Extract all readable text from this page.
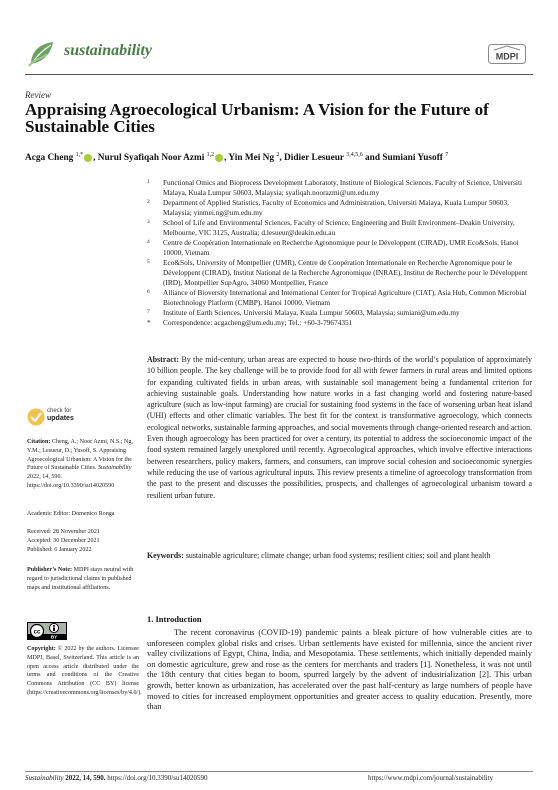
sustainability	MDPI
Review
Appraising Agroecological Urbanism: A Vision for the Future of Sustainable Cities
Acga Cheng $^{1,*}$ , Nurul Syafiqah Noor Azmi $^{1,2}$ , Yin Mei Ng $^2$, Didier Lesueur $^{3,4,5,6}$ and Sumiani Yusoff $^7$
1 Functional Omics and Bioprocess Development Laboratoty, Institute of Biological Sciences, Faculty of Science, Universiti Malaya, Kuala Lumpur 50603, Malaysia; syafiqah.noorazmi@um.edu.my
2 Department of Applied Statistics, Faculty of Economics and Administration, Universiti Malaya, Kuala Lumpur 50603, Malaysia; yinmei.ng@um.edu.my
3 School of Life and Environmental Sciences, Faculty of Science, Engineering and Built Environment–Deakin University, Melbourne, VIC 3125, Australia; d.lesueur@deakin.edu.au
4 Centre de Coopération Internationale en Recherche Agronomique pour le Développent (CIRAD), UMR Eco&Sols, Hanoi 10000, Vietnam
5 Eco&Sols, University of Montpellier (UMR), Centre de Coopération Internationale en Recherche Agronomique pour le Développent (CIRAD), Institut National de la Recherche Agronomique (INRAE), Institut de Recherche pour le Développent (IRD), Montpellier SupAgro, 34060 Montpellier, France
6 Alliance of Bioversity International and International Center for Tropical Agriculture (CIAT), Asia Hub, Common Microbial Biotechnology Platform (CMBP), Hanoi 10000, Vietnam
7 Institute of Earth Sciences, Universiti Malaya, Kuala Lumpur 50603, Malaysia; sumiani@um.edu.my
* Correspondence: acgacheng@um.edu.my; Tel.: +60-3-79674351
Abstract: By the mid-century, urban areas are expected to house two-thirds of the world’s population of approximately 10 billion people. The key challenge will be to provide food for all with fewer farmers in rural areas and limited options for expanding cultivated fields in urban areas, with sustainable soil management being a fundamental criterion for achieving sustainable goals. Understanding how nature works in a fast changing world and fostering nature-based agriculture (such as low-input farming) are crucial for sustaining food systems in the face of worsening urban heat island (UHI) effects and other climatic variables. The best fit for the context is transformative agroecology, which connects ecological networks, sustainable farming approaches, and social movements through change-oriented research and action. Even though agroecology has been practiced for over a century, its potential to address the socioeconomic impact of the food system remained largely unexplored until recently. Agroecological approaches, which involve effective interactions between researchers, policy makers, farmers, and consumers, can improve social cohesion and socioeconomic synergies while reducing the use of various agricultural inputs. This review presents a timeline of agroecology transformation from the past to the present and discusses the possibilities, prospects, and challenges of agroecological urbanism toward a resilient urban future.
Keywords: sustainable agriculture; climate change; urban food systems; resilient cities; soil and plant health
check for
updates

Citation: Cheng, A.; Noor Azmi, N.S.; Ng, Y.M.; Lesueur, D.; Yusoff, S. Appraising Agroecological Urbanism: A Vision for the Future of Sustainable Cities. Sustainability 2022, 14, 590. https://doi.org/10.3390/su14020590

Academic Editor: Domenico Ronga

Received: 28 November 2021

Accepted: 30 December 2021

Published: 6 January 2022

Publisher’s Note: MDPI stays neutral with regard to jurisdictional claims in published maps and institutional affiliations.

cc
BY

Copyright: © 2022 by the authors. Licensee MDPI, Basel, Switzerland. This article is an open access article distributed under the terms and conditions of the Creative Commons Attribution (CC BY) license (https://creativecommons.org/licenses/by/4.0/).

1. Introduction
The recent coronavirus (COVID-19) pandemic paints a bleak picture of how vulnerable cities are to unforeseen complex global risks and crises. Urban settlements have existed for millennia, since the ancient river valley civilizations of Egypt, China, India, and Mesopotamia. These settlements, which initially depended mainly on domestic agriculture, grew and rose as the centers for merchants and traders [1]. Nonetheless, it was not until the 18th century that cities began to boom, spurred largely by the advent of industrialization [2]. This urban growth, better known as urbanization, has accelerated over the past half-century as large numbers of people have moved to cities for increased employment opportunities and greater access to quality education. Presently, more than
Sustainability 2022, 14, 590. https://doi.org/10.3390/su14020590	https://www.mdpi.com/journal/sustainability
